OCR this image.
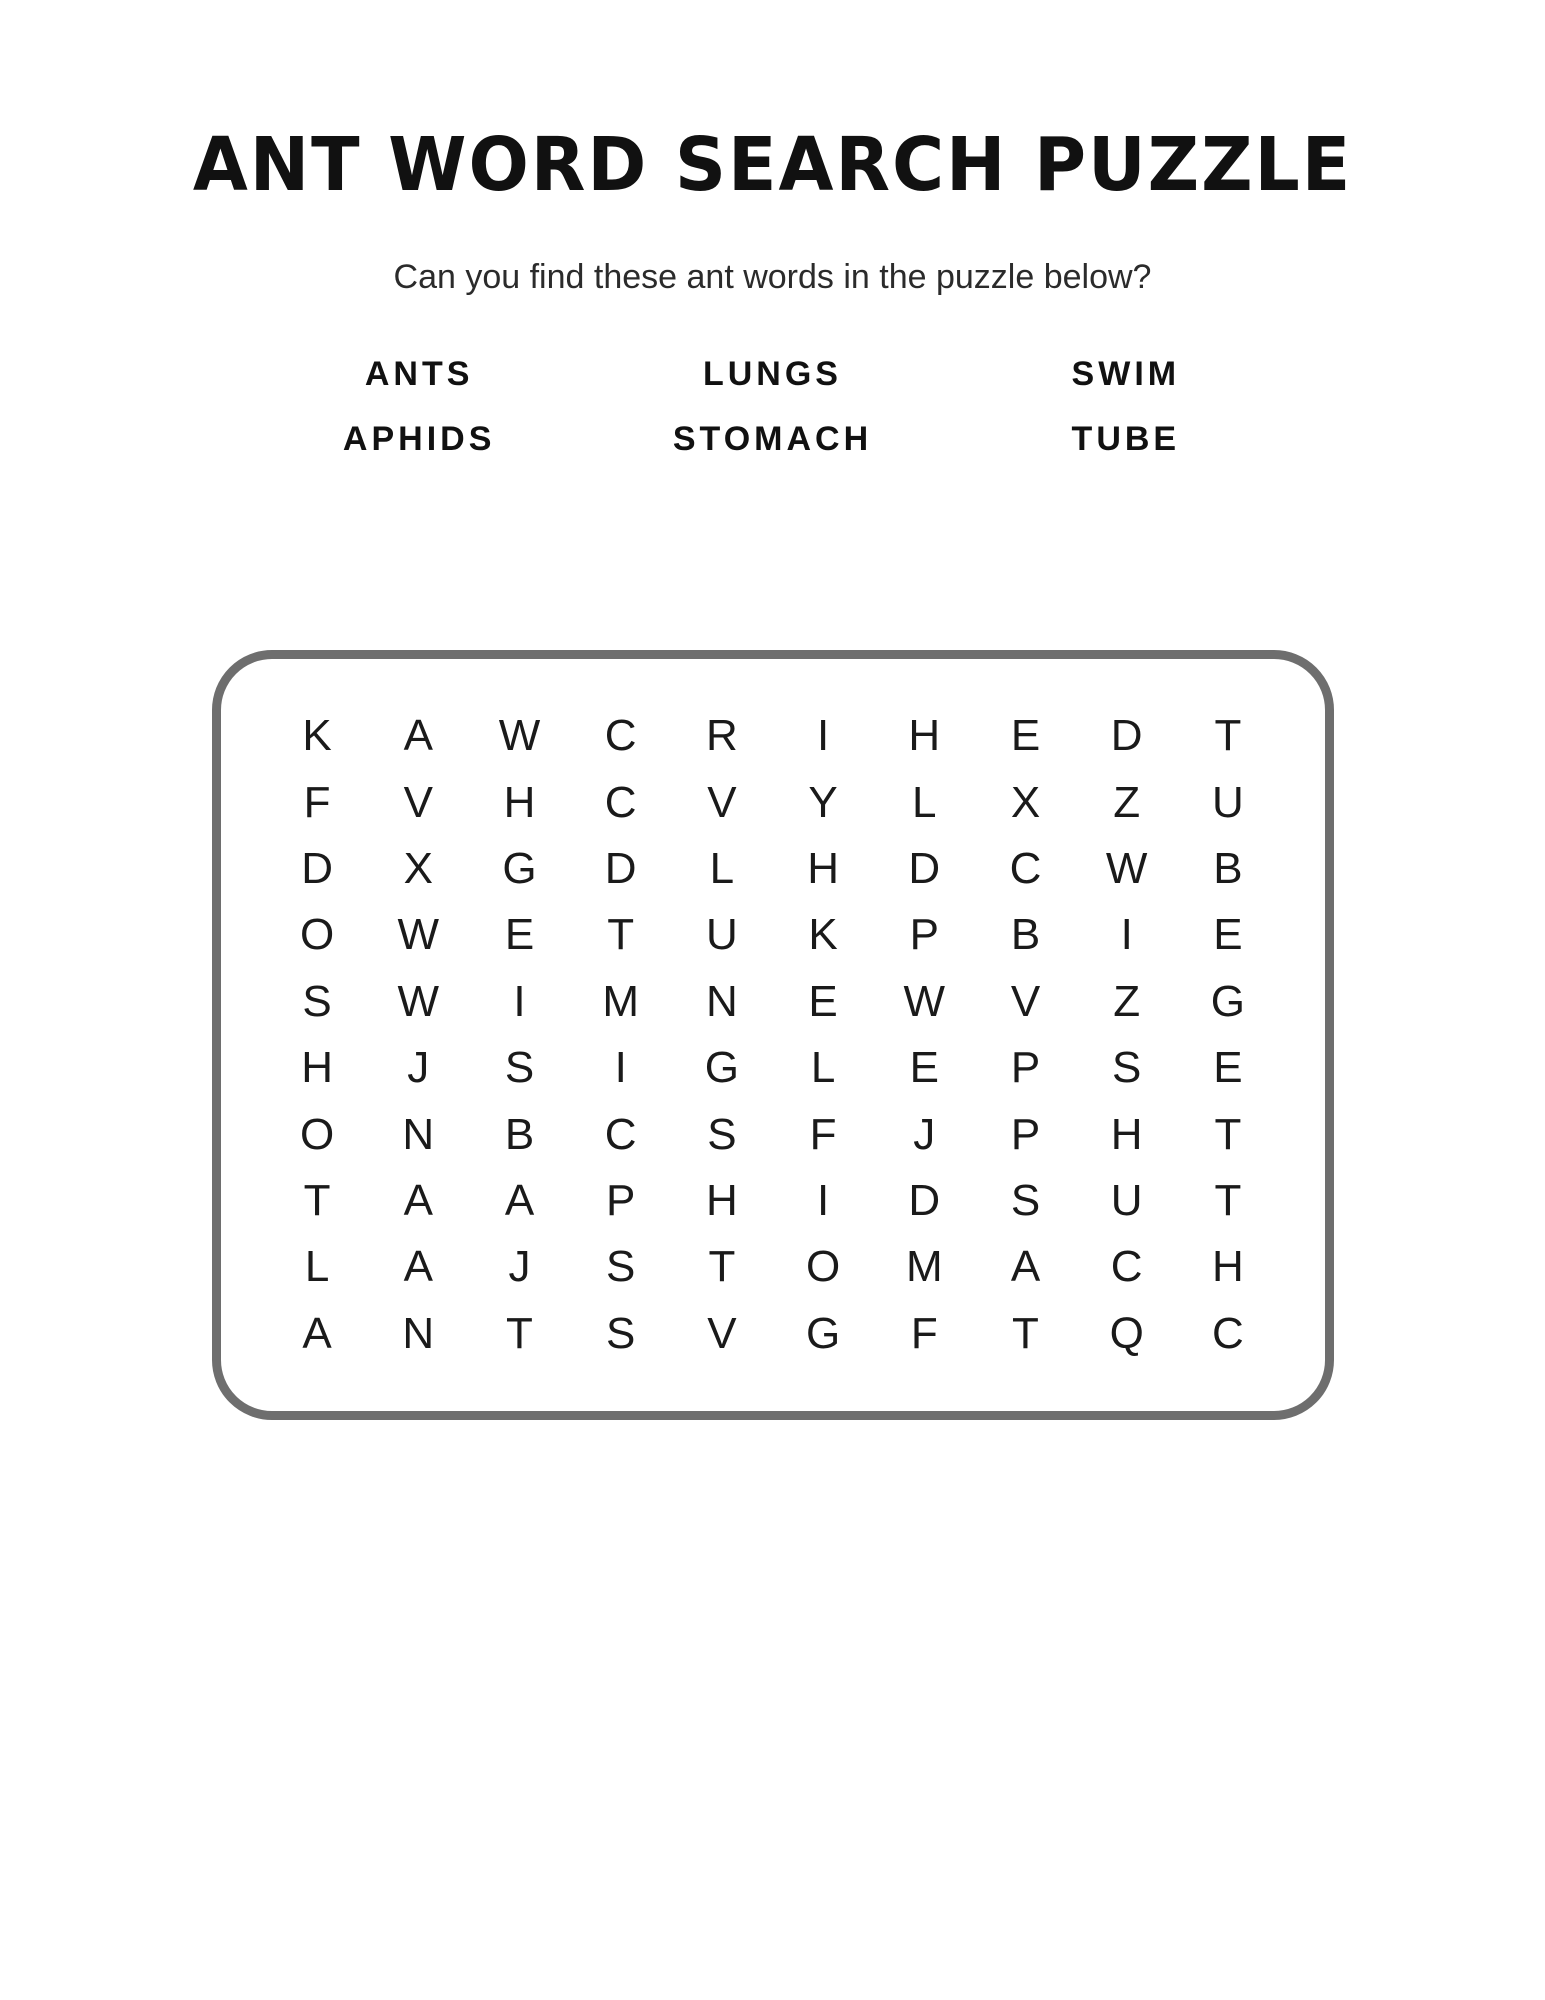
ANT WORD SEARCH PUZZLE

Can you find these ant words in the puzzle below?

ANTS	LUNGS	SWIM
APHIDS	STOMACH	TUBE
K A W C R I H E D T
F V H C V Y L X Z U
D X G D L H D C W B
O W E T U K P B I E
S W I M N E W V Z G
H J S I G L E P S E
O N B C S F J P H T
T A A P H I D S U T
L A J S T O M A C H
A N T S V G F T Q C
